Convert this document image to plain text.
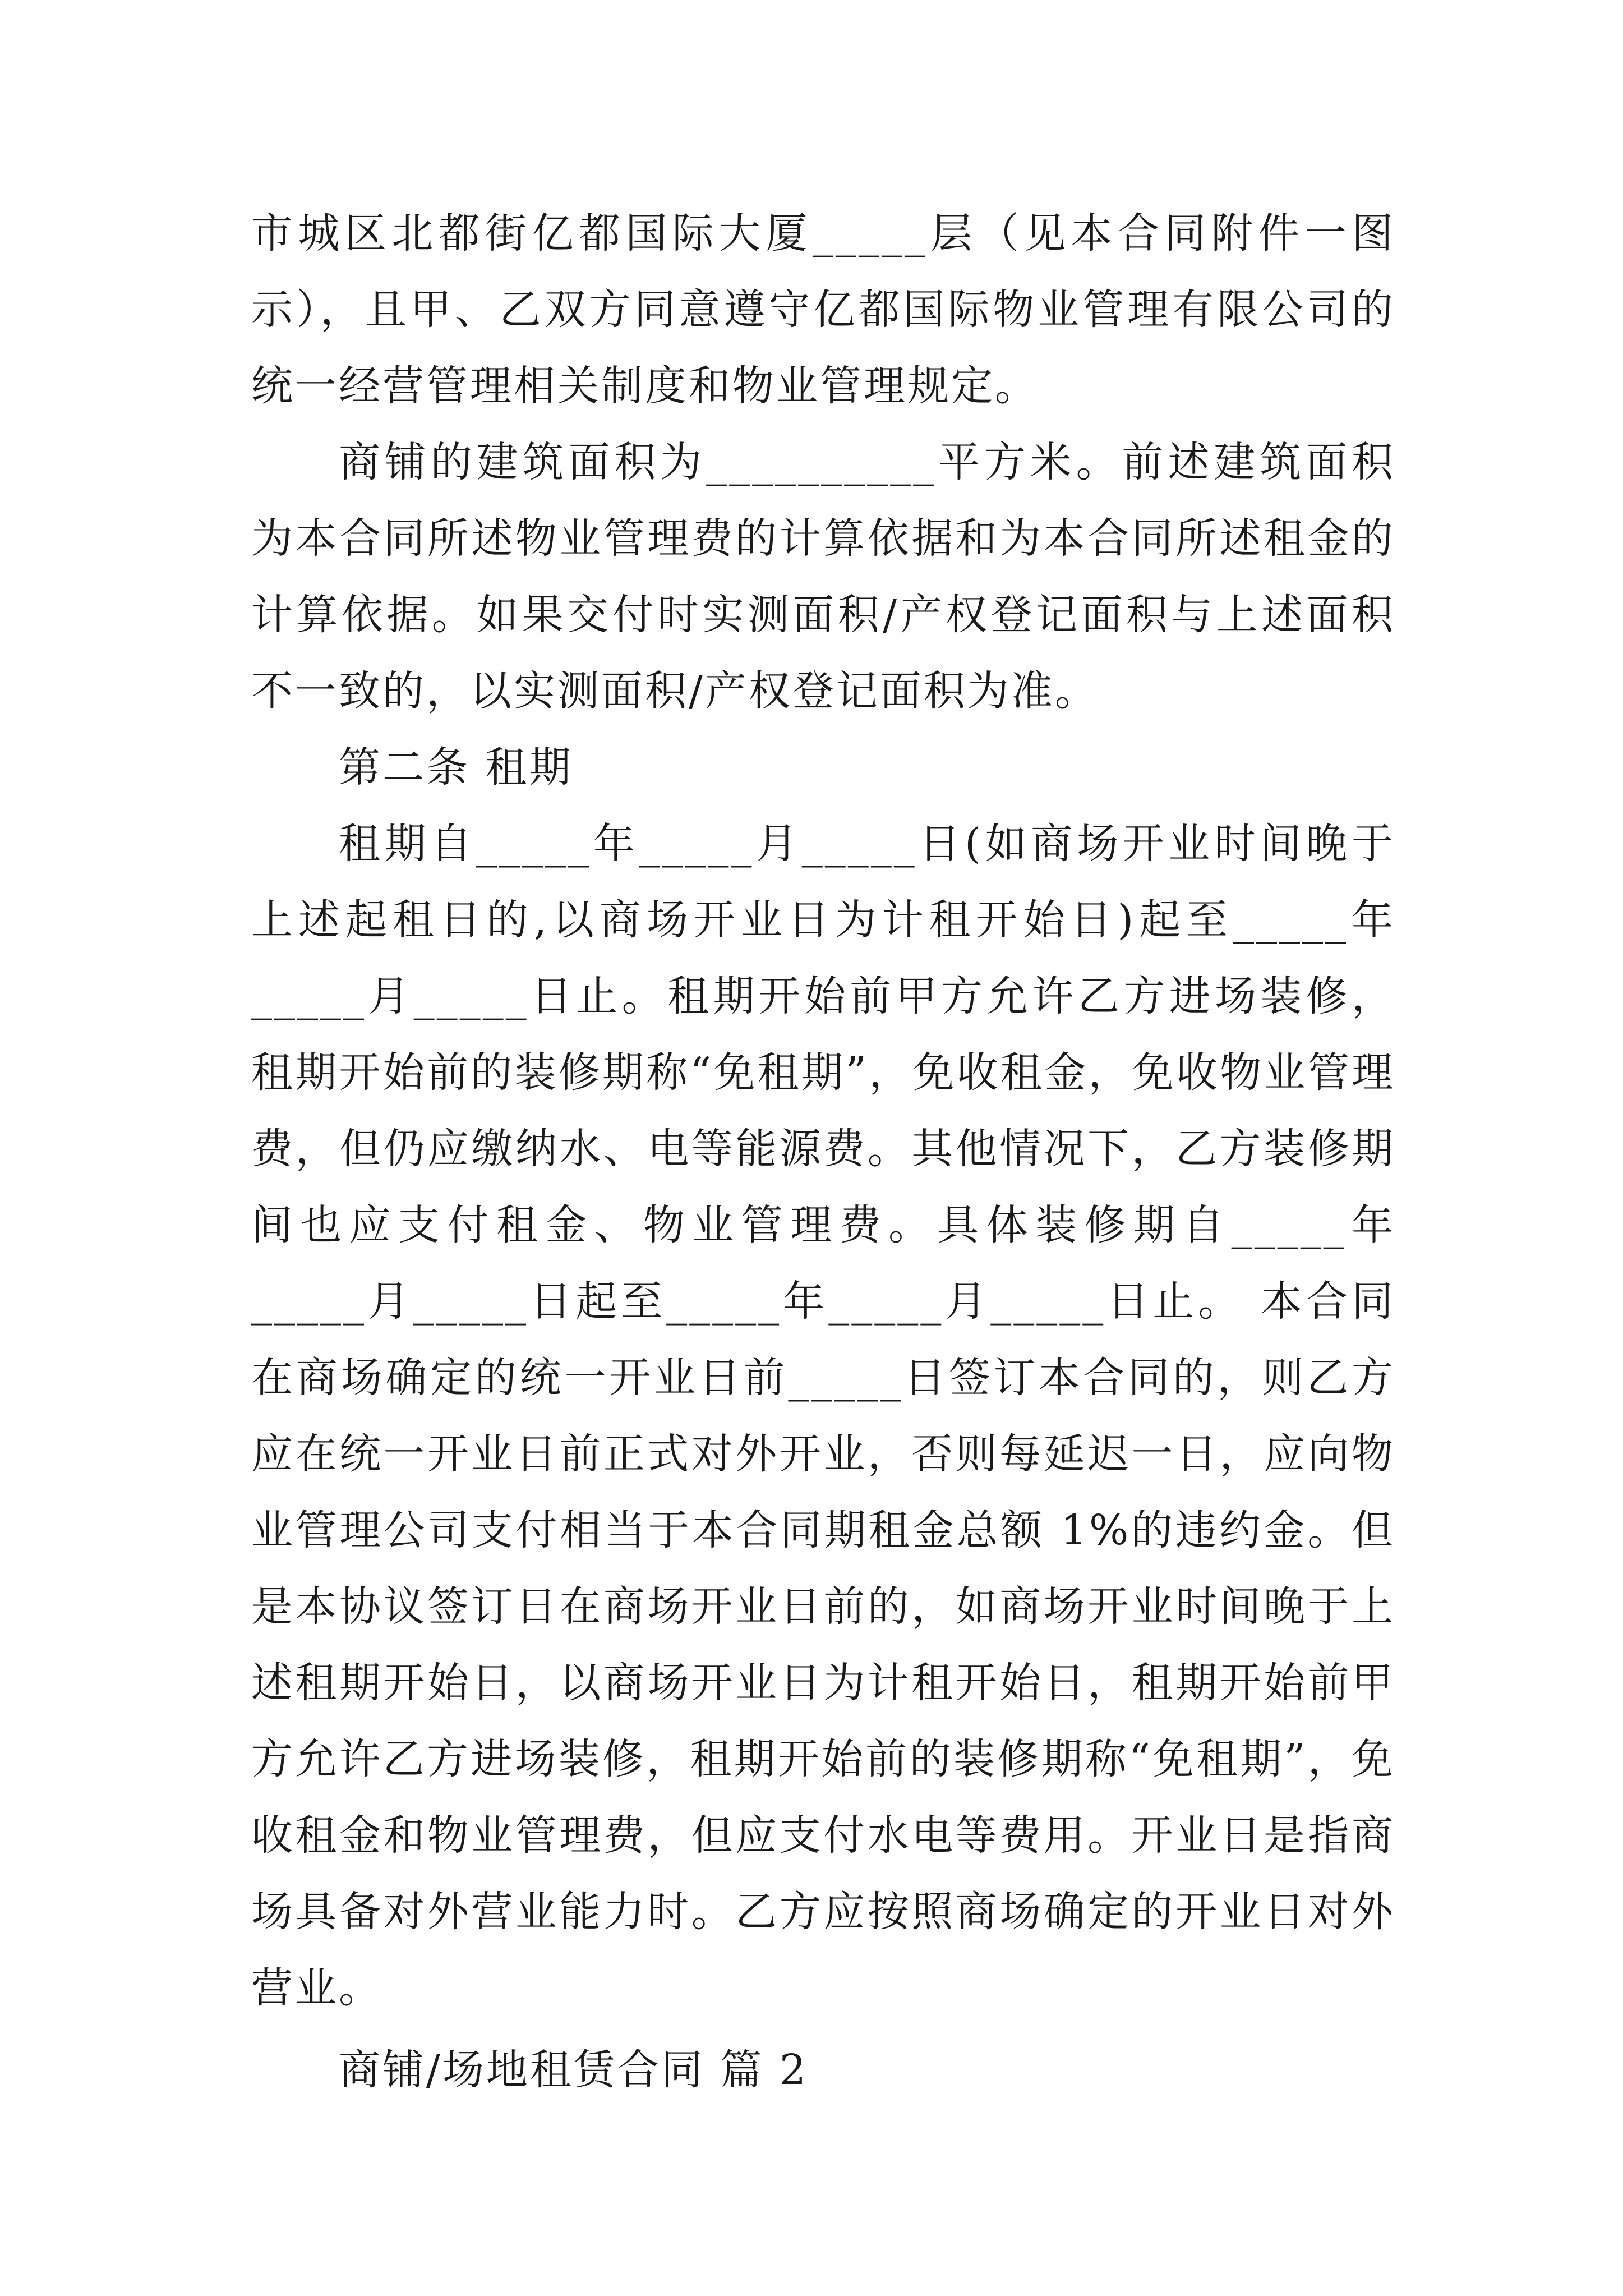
市城区北都街亿都国际大厦_____层（见本合同附件一图示），且甲、乙双方同意遵守亿都国际物业管理有限公司的统一经营管理相关制度和物业管理规定。

商铺的建筑面积为__________平方米。前述建筑面积为本合同所述物业管理费的计算依据和为本合同所述租金的计算依据。如果交付时实测面积/产权登记面积与上述面积不一致的，以实测面积/产权登记面积为准。

第二条 租期

租期自_____年_____月_____日(如商场开业时间晚于上述起租日的,以商场开业日为计租开始日)起至_____年_____月_____日止。租期开始前甲方允许乙方进场装修，租期开始前的装修期称“免租期”，免收租金，免收物业管理费，但仍应缴纳水、电等能源费。其他情况下，乙方装修期间也应支付租金、物业管理费。具体装修期自_____年_____月_____日起至_____年_____月_____日止。 本合同在商场确定的统一开业日前_____日签订本合同的，则乙方应在统一开业日前正式对外开业，否则每延迟一日，应向物业管理公司支付相当于本合同期租金总额 1%的违约金。但是本协议签订日在商场开业日前的，如商场开业时间晚于上述租期开始日，以商场开业日为计租开始日，租期开始前甲方允许乙方进场装修，租期开始前的装修期称“免租期”，免收租金和物业管理费，但应支付水电等费用。开业日是指商场具备对外营业能力时。乙方应按照商场确定的开业日对外营业。

商铺/场地租赁合同 篇 2
